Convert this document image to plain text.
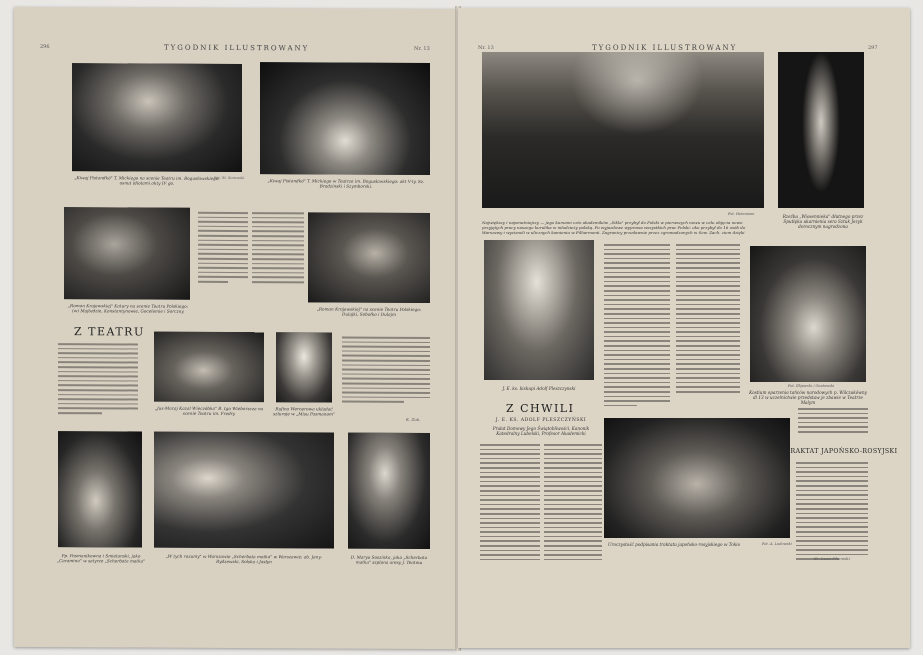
296	TYGODNIK ILLUSTROWANY	Nr. 13
„Kiwaj Pistandkó" T. Mickiego na scenie Teatru im. Bogusławskiego. osnut idiotami akty IV go.
Fot. St. Sorowski
„Kiwaj Pistandkó" T. Mickiego w Teatrze im. Bogusławskiego: akt V-ty. Sz. Bradzinski i Szymborski.
„Roman Krajewskiej" Katury na scenie Teatru Polskiego: (w) Majtedzie, Konstantynowie, Gocelemie i Sorczny	„Roman Krajewskiej" na scenie Teatru Polskiego: Dulajki, Sobolko i Dulajm
Z TEATRU
„Jus-Macaj Kazal Wieczóbka" B. Igo Wieborscza na scenie Teatru im. Fredry
Rufina Wernerowa układać szluroje w „Misu Pasmanom"
K. Zuk.
Pp. Pasmanikowna i Smietanski, jako „Caramina" w satyrze „Scherbata matka"
„W tych rozumy" w Warszawie „Scherbata matka" w Warszawie: ab. Jeny-Rydzewski, Solska i Jasłyn
D. Maryo Soszinka, jako „Scherbata matka" szplona aresy J. Teatmu
Nr. 13	TYGODNIK ILLUSTROWANY	297
Fot. Heinmann
Największy i najsmutniejszy — jego kursami czto akademików „Sikla" przybył do Polski w pierwszych nowu w celu objęcia nowo przyjętych pracy naszego kurulika w mlodzieży polską. Po wyjazdowe wyprowa wszystkich prac Polski: oko przybył do 16 osób do Warszawy i wycisneli w ulicznych kamieniu w Filharmonii. Zagranicy przedawnie przez zgromadzonych w Sew. Zach. ziem dzięki
Rzeźba „Wiosennieka" dłutnego przez Sputlęka ukarnienia sera Sztuk Jezyk dorocznym nagrodzona
J. E. ks. biskupi Adolf Pleszczynski
Z CHWILI
J. E. KS. ADOLF PLESZCZYŃSKI
Prałat Domowy Jego Świątobliwości, Kanonik Katedralny Lubelski, Profesor Akademicki
Fot. Ilbjuwski / Gnatowski
Kostium oparzenia tańców narodowych p. Wilczakówny dl 13 w uczelnictwie przedstaw je zbawie w Teatrze Malym
Uroczystość podpisania traktatu japońsko-rosyjskiego w Tokio	Fot. A. Ludowski
TRAKTAT JAPOŃSKO-ROSYJSKI
Kr. Leon Chomski
